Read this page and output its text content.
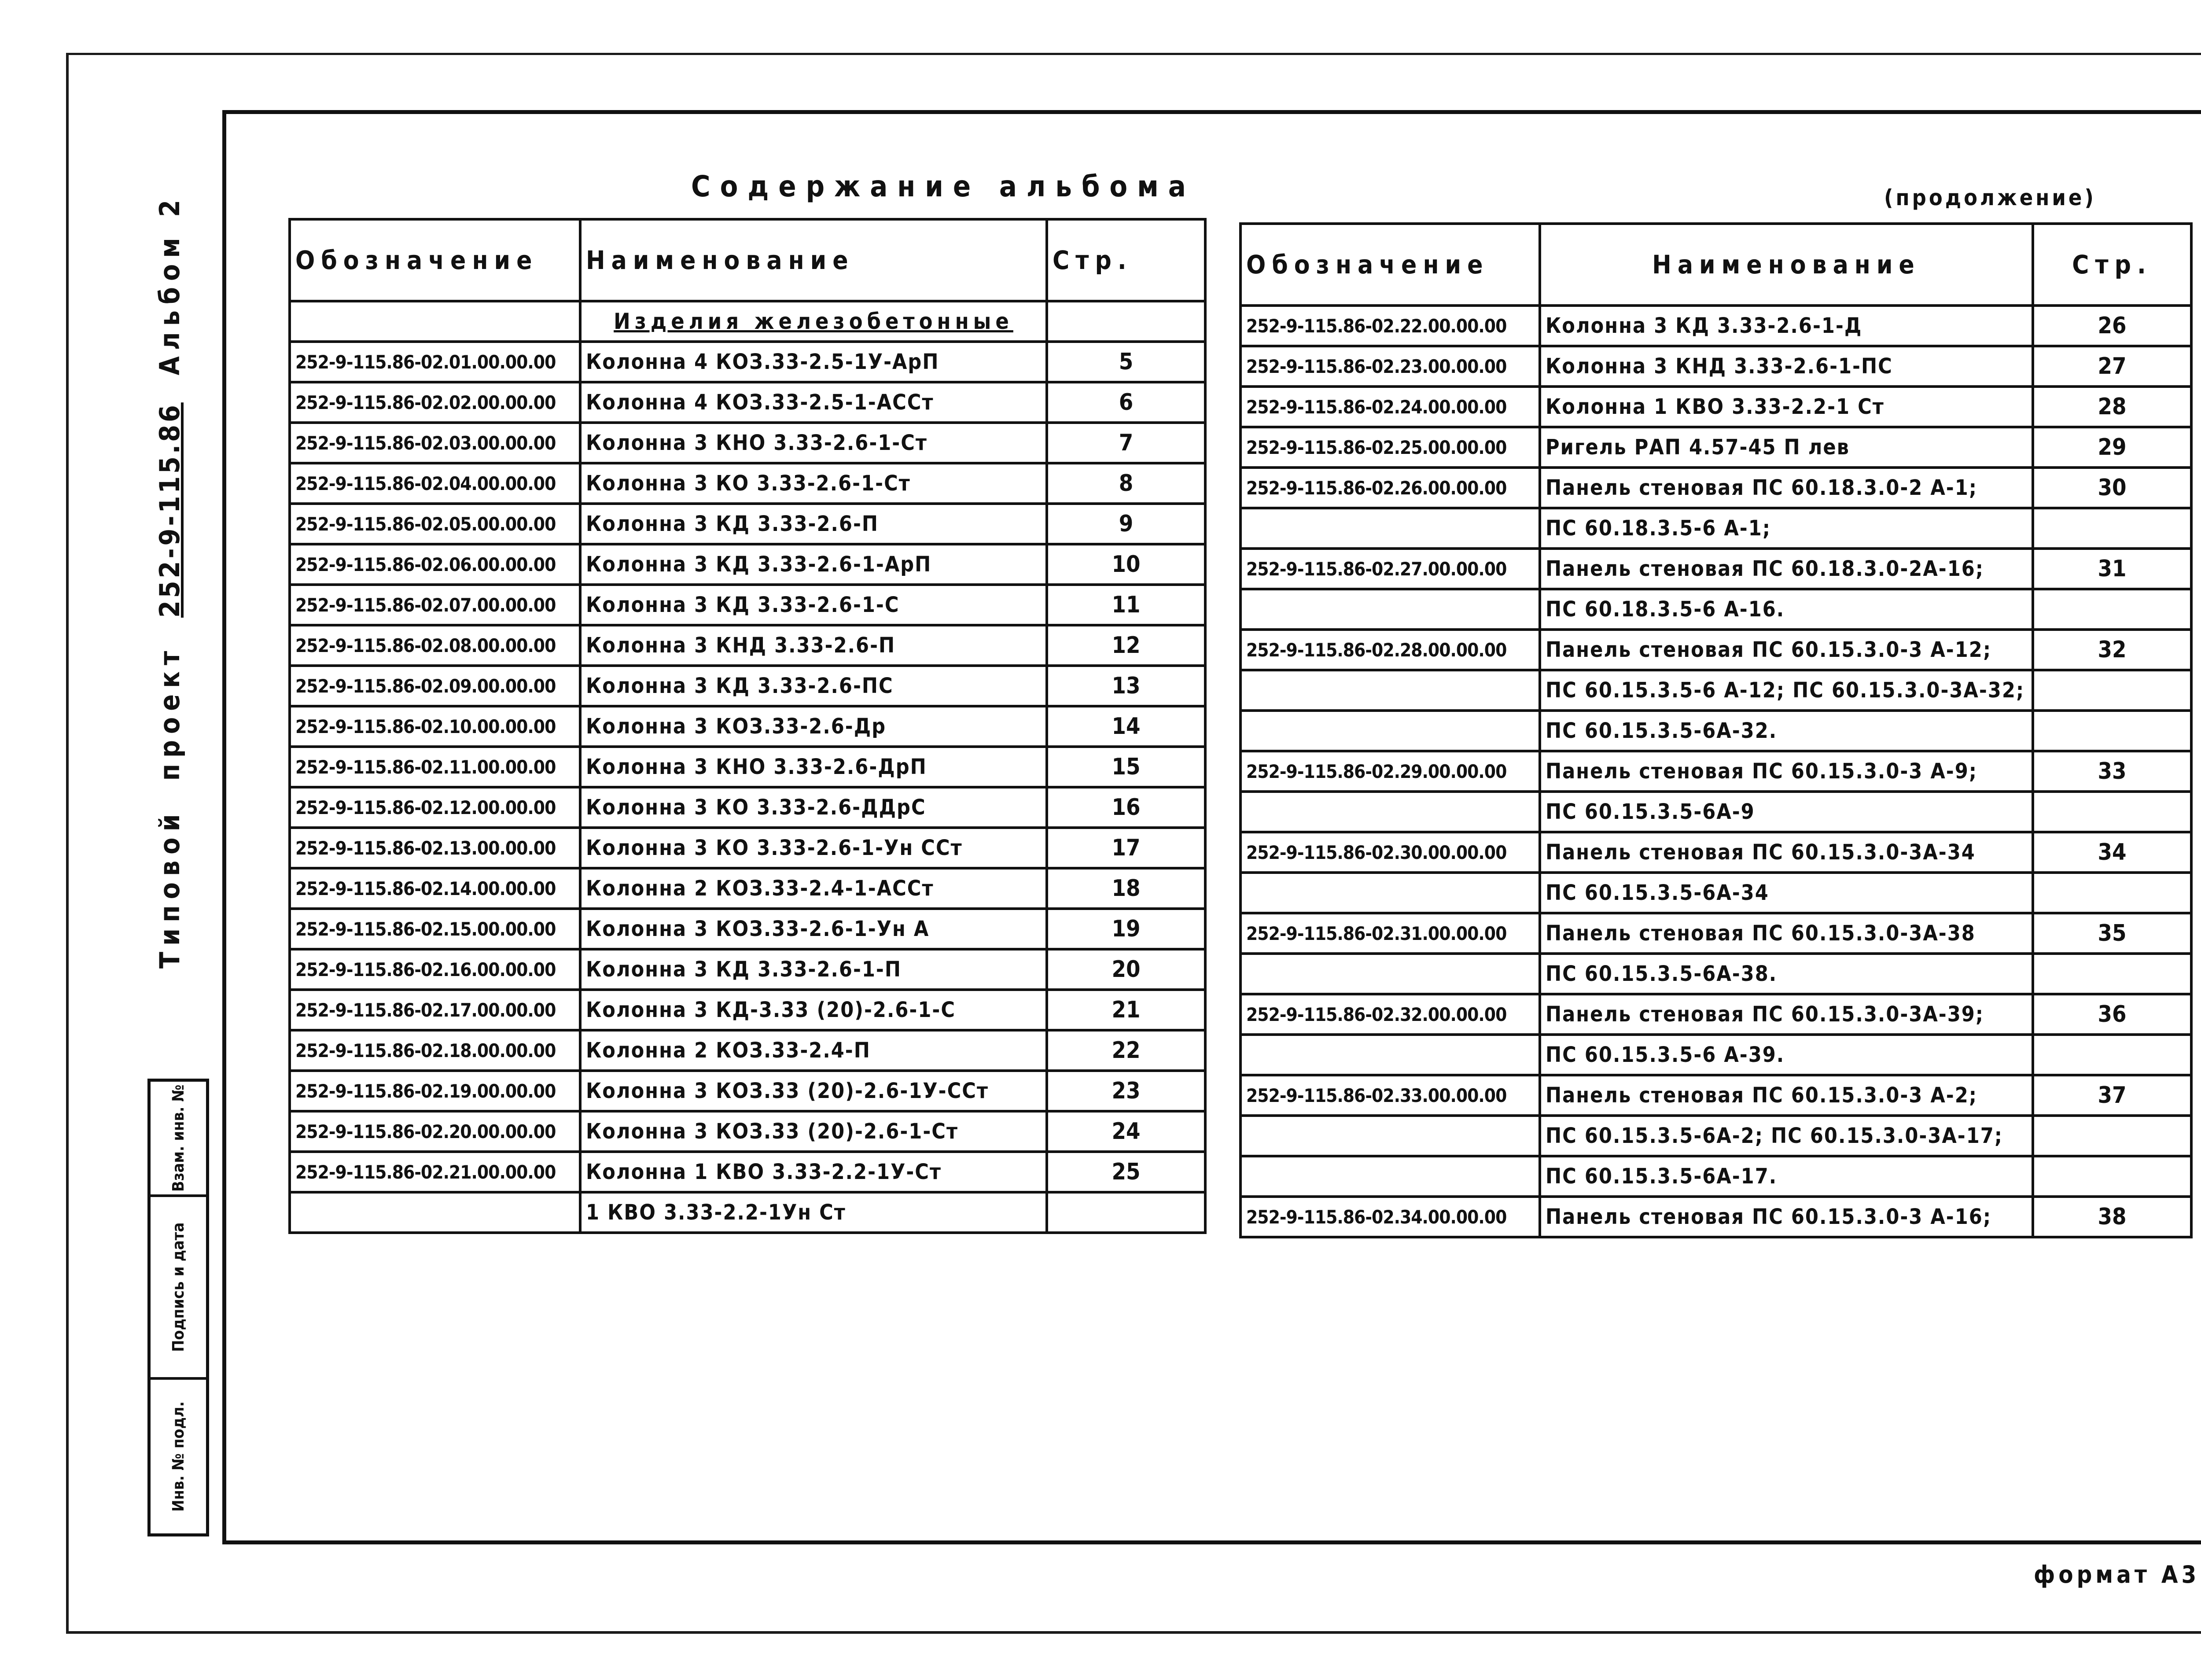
Типовой
проект
252-9-115.86
Альбом 2
Инв. № подл.
Подпись и дата
Взам. инв. №
Содержание альбома	(продолжение)
Обозначение	Наименование	Стр.
	Изделия железобетонные	
252-9-115.86-02.01.00.00.00	Колонна 4 КОЗ.33-2.5-1У-АрП	5
252-9-115.86-02.02.00.00.00	Колонна 4 КОЗ.33-2.5-1-АССт	6
252-9-115.86-02.03.00.00.00	Колонна 3 КНО 3.33-2.6-1-Ст	7
252-9-115.86-02.04.00.00.00	Колонна 3 КО 3.33-2.6-1-Ст	8
252-9-115.86-02.05.00.00.00	Колонна 3 КД 3.33-2.6-П	9
252-9-115.86-02.06.00.00.00	Колонна 3 КД 3.33-2.6-1-АрП	10
252-9-115.86-02.07.00.00.00	Колонна 3 КД 3.33-2.6-1-С	11
252-9-115.86-02.08.00.00.00	Колонна 3 КНД 3.33-2.6-П	12
252-9-115.86-02.09.00.00.00	Колонна 3 КД 3.33-2.6-ПС	13
252-9-115.86-02.10.00.00.00	Колонна 3 КОЗ.33-2.6-Др	14
252-9-115.86-02.11.00.00.00	Колонна 3 КНО 3.33-2.6-ДрП	15
252-9-115.86-02.12.00.00.00	Колонна 3 КО 3.33-2.6-ДДрС	16
252-9-115.86-02.13.00.00.00	Колонна 3 КО 3.33-2.6-1-Ун ССт	17
252-9-115.86-02.14.00.00.00	Колонна 2 КОЗ.33-2.4-1-АССт	18
252-9-115.86-02.15.00.00.00	Колонна 3 КОЗ.33-2.6-1-Ун А	19
252-9-115.86-02.16.00.00.00	Колонна 3 КД 3.33-2.6-1-П	20
252-9-115.86-02.17.00.00.00	Колонна 3 КД-3.33 (20)-2.6-1-С	21
252-9-115.86-02.18.00.00.00	Колонна 2 КОЗ.33-2.4-П	22
252-9-115.86-02.19.00.00.00	Колонна 3 КОЗ.33 (20)-2.6-1У-ССт	23
252-9-115.86-02.20.00.00.00	Колонна 3 КОЗ.33 (20)-2.6-1-Ст	24
252-9-115.86-02.21.00.00.00	Колонна 1 КВО 3.33-2.2-1У-Ст	25
	1 КВО 3.33-2.2-1Ун Ст	
Обозначение	Наименование	Стр.
252-9-115.86-02.22.00.00.00	Колонна 3 КД 3.33-2.6-1-Д	26
252-9-115.86-02.23.00.00.00	Колонна 3 КНД 3.33-2.6-1-ПС	27
252-9-115.86-02.24.00.00.00	Колонна 1 КВО 3.33-2.2-1 Ст	28
252-9-115.86-02.25.00.00.00	Ригель РАП 4.57-45 П лев	29
252-9-115.86-02.26.00.00.00	Панель стеновая ПС 60.18.3.0-2 А-1;	30
	ПС 60.18.3.5-6 А-1;	
252-9-115.86-02.27.00.00.00	Панель стеновая ПС 60.18.3.0-2А-16;	31
	ПС 60.18.3.5-6 А-16.	
252-9-115.86-02.28.00.00.00	Панель стеновая ПС 60.15.3.0-3 А-12;	32
	ПС 60.15.3.5-6 А-12; ПС 60.15.3.0-3А-32;	
	ПС 60.15.3.5-6А-32.	
252-9-115.86-02.29.00.00.00	Панель стеновая ПС 60.15.3.0-3 А-9;	33
	ПС 60.15.3.5-6А-9	
252-9-115.86-02.30.00.00.00	Панель стеновая ПС 60.15.3.0-3А-34	34
	ПС 60.15.3.5-6А-34	
252-9-115.86-02.31.00.00.00	Панель стеновая ПС 60.15.3.0-3А-38	35
	ПС 60.15.3.5-6А-38.	
252-9-115.86-02.32.00.00.00	Панель стеновая ПС 60.15.3.0-3А-39;	36
	ПС 60.15.3.5-6 А-39.	
252-9-115.86-02.33.00.00.00	Панель стеновая ПС 60.15.3.0-3 А-2;	37
	ПС 60.15.3.5-6А-2; ПС 60.15.3.0-3А-17;	
	ПС 60.15.3.5-6А-17.	
252-9-115.86-02.34.00.00.00	Панель стеновая ПС 60.15.3.0-3 А-16;	38
формат А3
